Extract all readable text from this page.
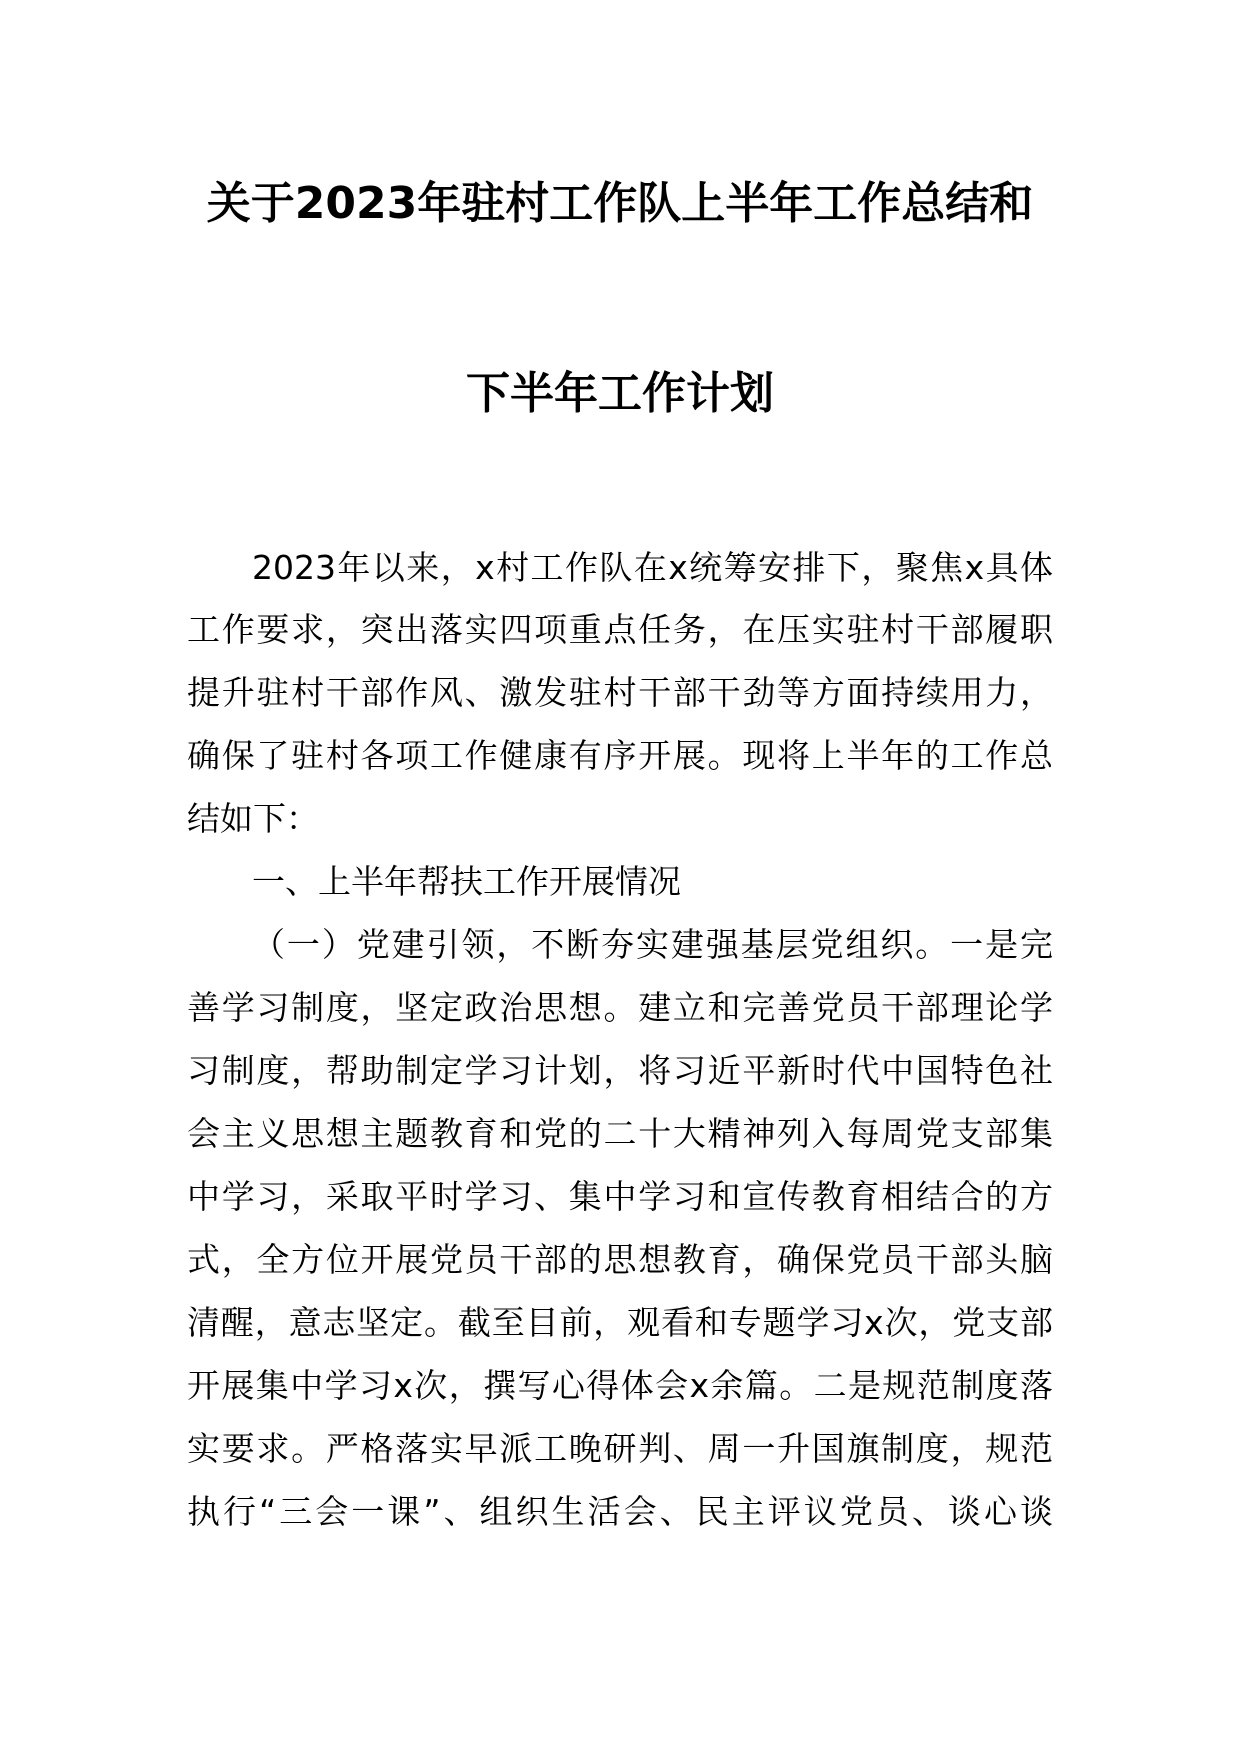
关于2023年驻村工作队上半年工作总结和
下半年工作计划
2023年以来，x村工作队在x统筹安排下，聚焦x具体
工作要求，突出落实四项重点任务，在压实驻村干部履职
提升驻村干部作风、激发驻村干部干劲等方面持续用力，
确保了驻村各项工作健康有序开展。现将上半年的工作总
结如下：
一、上半年帮扶工作开展情况
（一）党建引领，不断夯实建强基层党组织。一是完
善学习制度，坚定政治思想。建立和完善党员干部理论学
习制度，帮助制定学习计划，将习近平新时代中国特色社
会主义思想主题教育和党的二十大精神列入每周党支部集
中学习，采取平时学习、集中学习和宣传教育相结合的方
式，全方位开展党员干部的思想教育，确保党员干部头脑
清醒，意志坚定。截至目前，观看和专题学习x次，党支部
开展集中学习x次，撰写心得体会x余篇。二是规范制度落
实要求。严格落实早派工晚研判、周一升国旗制度，规范
执行“三会一课”、组织生活会、民主评议党员、谈心谈
